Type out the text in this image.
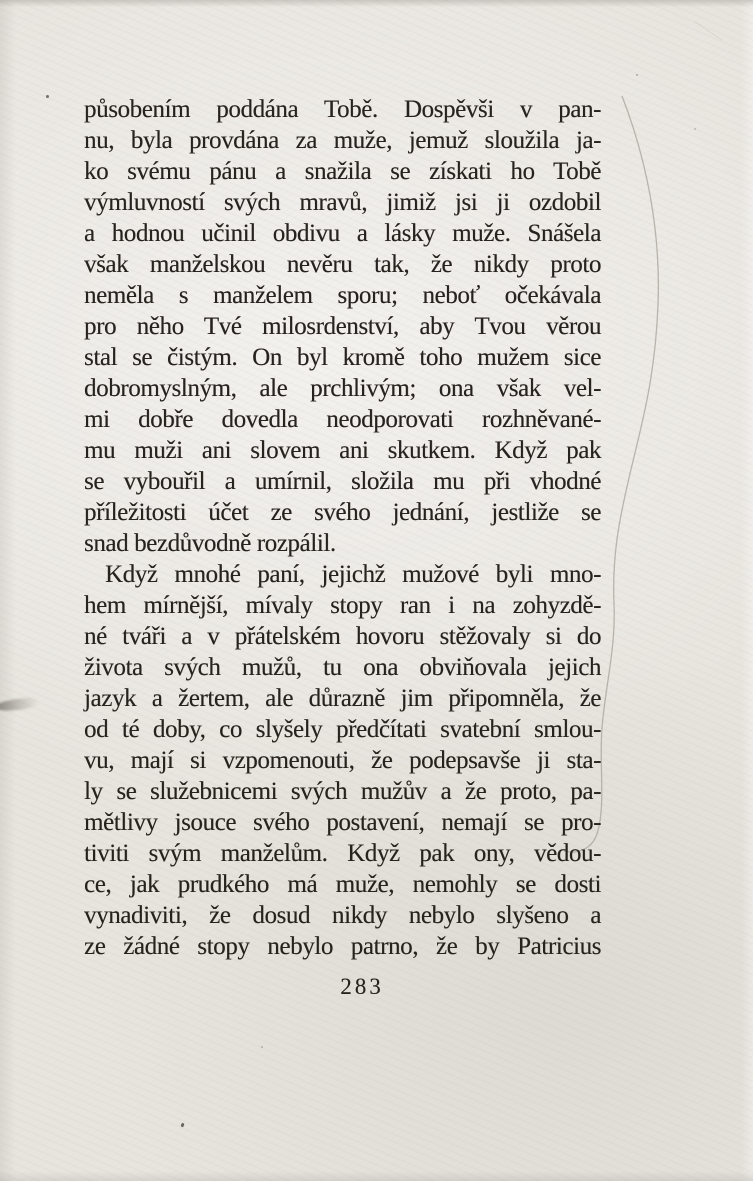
působením poddána Tobě. Dospěvši v pan-
nu, byla provdána za muže, jemuž sloužila ja-
ko svému pánu a snažila se získati ho Tobě
výmluvností svých mravů, jimiž jsi ji ozdobil
a hodnou učinil obdivu a lásky muže. Snášela
však manželskou nevěru tak, že nikdy proto
neměla s manželem sporu; neboť očekávala
pro něho Tvé milosrdenství, aby Tvou věrou
stal se čistým. On byl kromě toho mužem sice
dobromyslným, ale prchlivým; ona však vel-
mi dobře dovedla neodporovati rozhněvané-
mu muži ani slovem ani skutkem. Když pak
se vybouřil a umírnil, složila mu při vhodné
příležitosti účet ze svého jednání, jestliže se
snad bezdůvodně rozpálil.
Když mnohé paní, jejichž mužové byli mno-
hem mírnější, mívaly stopy ran i na zohyzdě-
né tváři a v přátelském hovoru stěžovaly si do
života svých mužů, tu ona obviňovala jejich
jazyk a žertem, ale důrazně jim připomněla, že
od té doby, co slyšely předčítati svatební smlou-
vu, mají si vzpomenouti, že podepsavše ji sta-
ly se služebnicemi svých mužův a že proto, pa-
mětlivy jsouce svého postavení, nemají se pro-
tiviti svým manželům. Když pak ony, vědou-
ce, jak prudkého má muže, nemohly se dosti
vynadiviti, že dosud nikdy nebylo slyšeno a
ze žádné stopy nebylo patrno, že by Patricius
283
